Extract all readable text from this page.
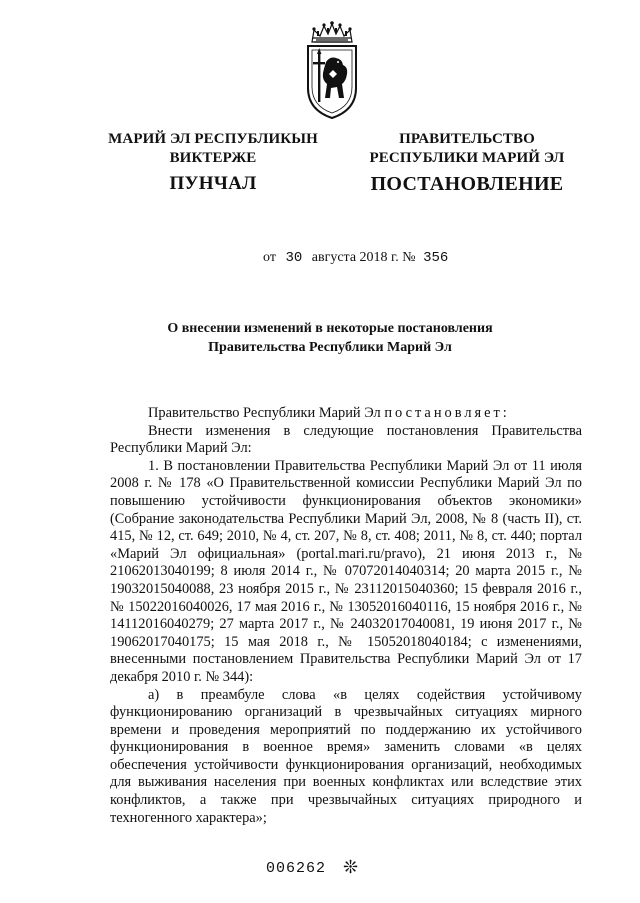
МАРИЙ ЭЛ РЕСПУБЛИКЫН
ВИКТЕРЖЕ
ПУНЧАЛ
ПРАВИТЕЛЬСТВО
РЕСПУБЛИКИ МАРИЙ ЭЛ
ПОСТАНОВЛЕНИЕ
от 30 августа 2018 г. № 356
О внесении изменений в некоторые постановления
Правительства Республики Марий Эл

Правительство Республики Марий Эл постановляет:

Внести изменения в следующие постановления Правительства Республики Марий Эл:

1. В постановлении Правительства Республики Марий Эл от 11 июля 2008 г. № 178 «О Правительственной комиссии Республики Марий Эл по повышению устойчивости функционирования объектов экономики» (Собрание законодательства Республики Марий Эл, 2008, № 8 (часть II), ст. 415, № 12, ст. 649; 2010, № 4, ст. 207, № 8, ст. 408; 2011, № 8, ст. 440; портал «Марий Эл официальная» (portal.mari.ru/pravo), 21 июня 2013 г., № 21062013040199; 8 июля 2014 г., № 07072014040314; 20 марта 2015 г., № 19032015040088, 23 ноября 2015 г., № 23112015040360; 15 февраля 2016 г., № 15022016040026, 17 мая 2016 г., № 13052016040116, 15 ноября 2016 г., № 14112016040279; 27 марта 2017 г., № 24032017040081, 19 июня 2017 г., № 19062017040175; 15 мая 2018 г., № 15052018040184; с изменениями, внесенными постановлением Правительства Республики Марий Эл от 17 декабря 2010 г. № 344):

а) в преамбуле слова «в целях содействия устойчивому функционированию организаций в чрезвычайных ситуациях мирного времени и проведения мероприятий по поддержанию их устойчивого функционирования в военное время» заменить словами «в целях обеспечения устойчивости функционирования организаций, необходимых для выживания населения при военных конфликтах или вследствие этих конфликтов, а также при чрезвычайных ситуациях природного и техногенного характера»;

006262 ❊
